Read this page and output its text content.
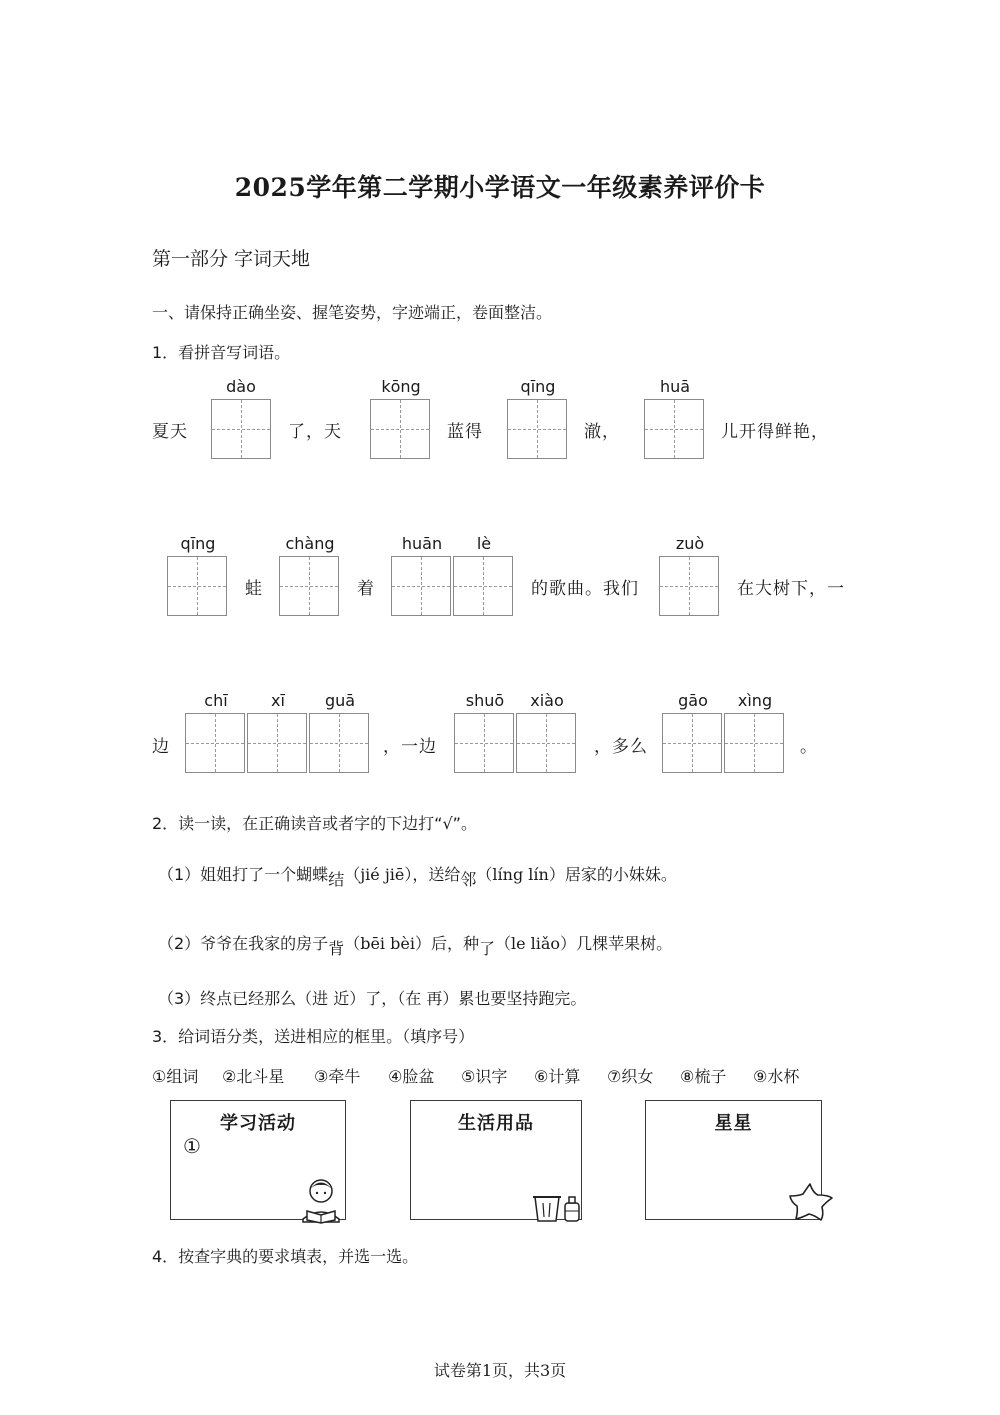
2025学年第二学期小学语文一年级素养评价卡
第一部分 字词天地
一、请保持正确坐姿、握笔姿势，字迹端正，卷面整洁。
1．看拼音写词语。
dào	kōng	qīng	huā
夏天	了，天	蓝得	澈，	儿开得鲜艳，
qīng	chàng	huān	lè	zuò
蛙	着	的歌曲。我们	在大树下，一
chī	xī	guā	shuō	xiào	gāo	xìng
边	，一边	，多么	。
2．读一读，在正确读音或者字的下边打“√”。
（1）姐姐打了一个蝴蝶结（jié jiē），送给邻（líng lín）居家的小妹妹。
（2）爷爷在我家的房子背（bēi bèi）后，种了（le liǎo）几棵苹果树。
（3）终点已经那么（进 近）了，（在 再）累也要坚持跑完。
3．给词语分类，送进相应的框里。（填序号）
①组词 ②北斗星 ③牵牛 ④脸盆 ⑤识字 ⑥计算 ⑦织女 ⑧梳子 ⑨水杯
学习活动
①
生活用品	星星
4．按查字典的要求填表，并选一选。
试卷第1页，共3页
